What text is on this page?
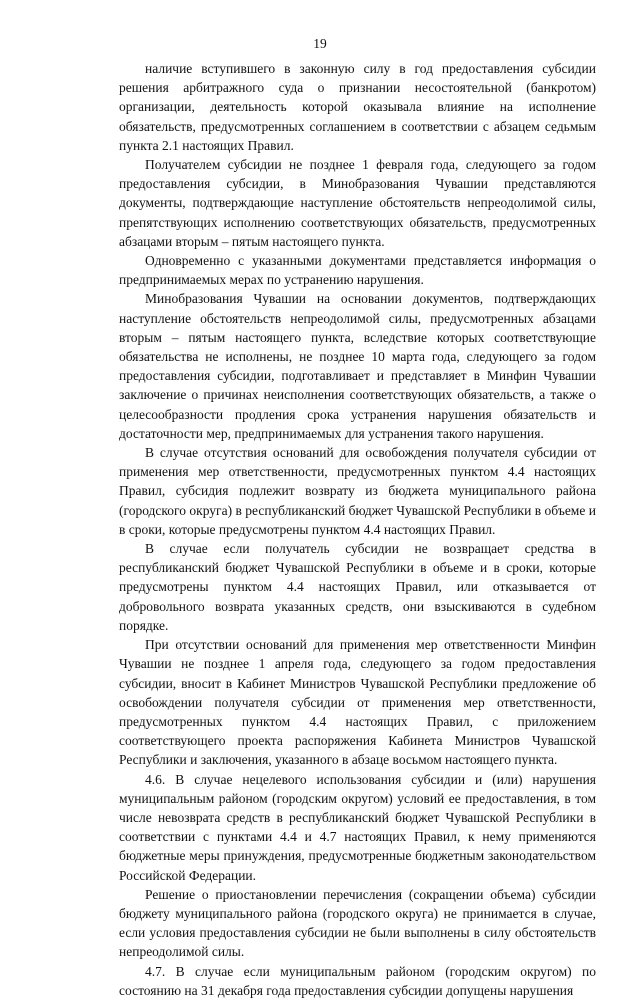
19

наличие вступившего в законную силу в год предоставления субсидии решения арбитражного суда о признании несостоятельной (банкротом) организации, деятельность которой оказывала влияние на исполнение обязательств, предусмотренных соглашением в соответствии с абзацем седьмым пункта 2.1 настоящих Правил.

Получателем субсидии не позднее 1 февраля года, следующего за годом предоставления субсидии, в Минобразования Чувашии представляются документы, подтверждающие наступление обстоятельств непреодолимой силы, препятствующих исполнению соответствующих обязательств, предусмотренных абзацами вторым – пятым настоящего пункта.

Одновременно с указанными документами представляется информация о предпринимаемых мерах по устранению нарушения.

Минобразования Чувашии на основании документов, подтверждающих наступление обстоятельств непреодолимой силы, предусмотренных абзацами вторым – пятым настоящего пункта, вследствие которых соответствующие обязательства не исполнены, не позднее 10 марта года, следующего за годом предоставления субсидии, подготавливает и представляет в Минфин Чувашии заключение о причинах неисполнения соответствующих обязательств, а также о целесообразности продления срока устранения нарушения обязательств и достаточности мер, предпринимаемых для устранения такого нарушения.

В случае отсутствия оснований для освобождения получателя субсидии от применения мер ответственности, предусмотренных пунктом 4.4 настоящих Правил, субсидия подлежит возврату из бюджета муниципального района (городского округа) в республиканский бюджет Чувашской Республики в объеме и в сроки, которые предусмотрены пунктом 4.4 настоящих Правил.

В случае если получатель субсидии не возвращает средства в республиканский бюджет Чувашской Республики в объеме и в сроки, которые предусмотрены пунктом 4.4 настоящих Правил, или отказывается от добровольного возврата указанных средств, они взыскиваются в судебном порядке.

При отсутствии оснований для применения мер ответственности Минфин Чувашии не позднее 1 апреля года, следующего за годом предоставления субсидии, вносит в Кабинет Министров Чувашской Республики предложение об освобождении получателя субсидии от применения мер ответственности, предусмотренных пунктом 4.4 настоящих Правил, с приложением соответствующего проекта распоряжения Кабинета Министров Чувашской Республики и заключения, указанного в абзаце восьмом настоящего пункта.

4.6. В случае нецелевого использования субсидии и (или) нарушения муниципальным районом (городским округом) условий ее предоставления, в том числе невозврата средств в республиканский бюджет Чувашской Республики в соответствии с пунктами 4.4 и 4.7 настоящих Правил, к нему применяются бюджетные меры принуждения, предусмотренные бюджетным законодательством Российской Федерации.

Решение о приостановлении перечисления (сокращении объема) субсидии бюджету муниципального района (городского округа) не принимается в случае, если условия предоставления субсидии не были выполнены в силу обстоятельств непреодолимой силы.

4.7. В случае если муниципальным районом (городским округом) по состоянию на 31 декабря года предоставления субсидии допущены нарушения
